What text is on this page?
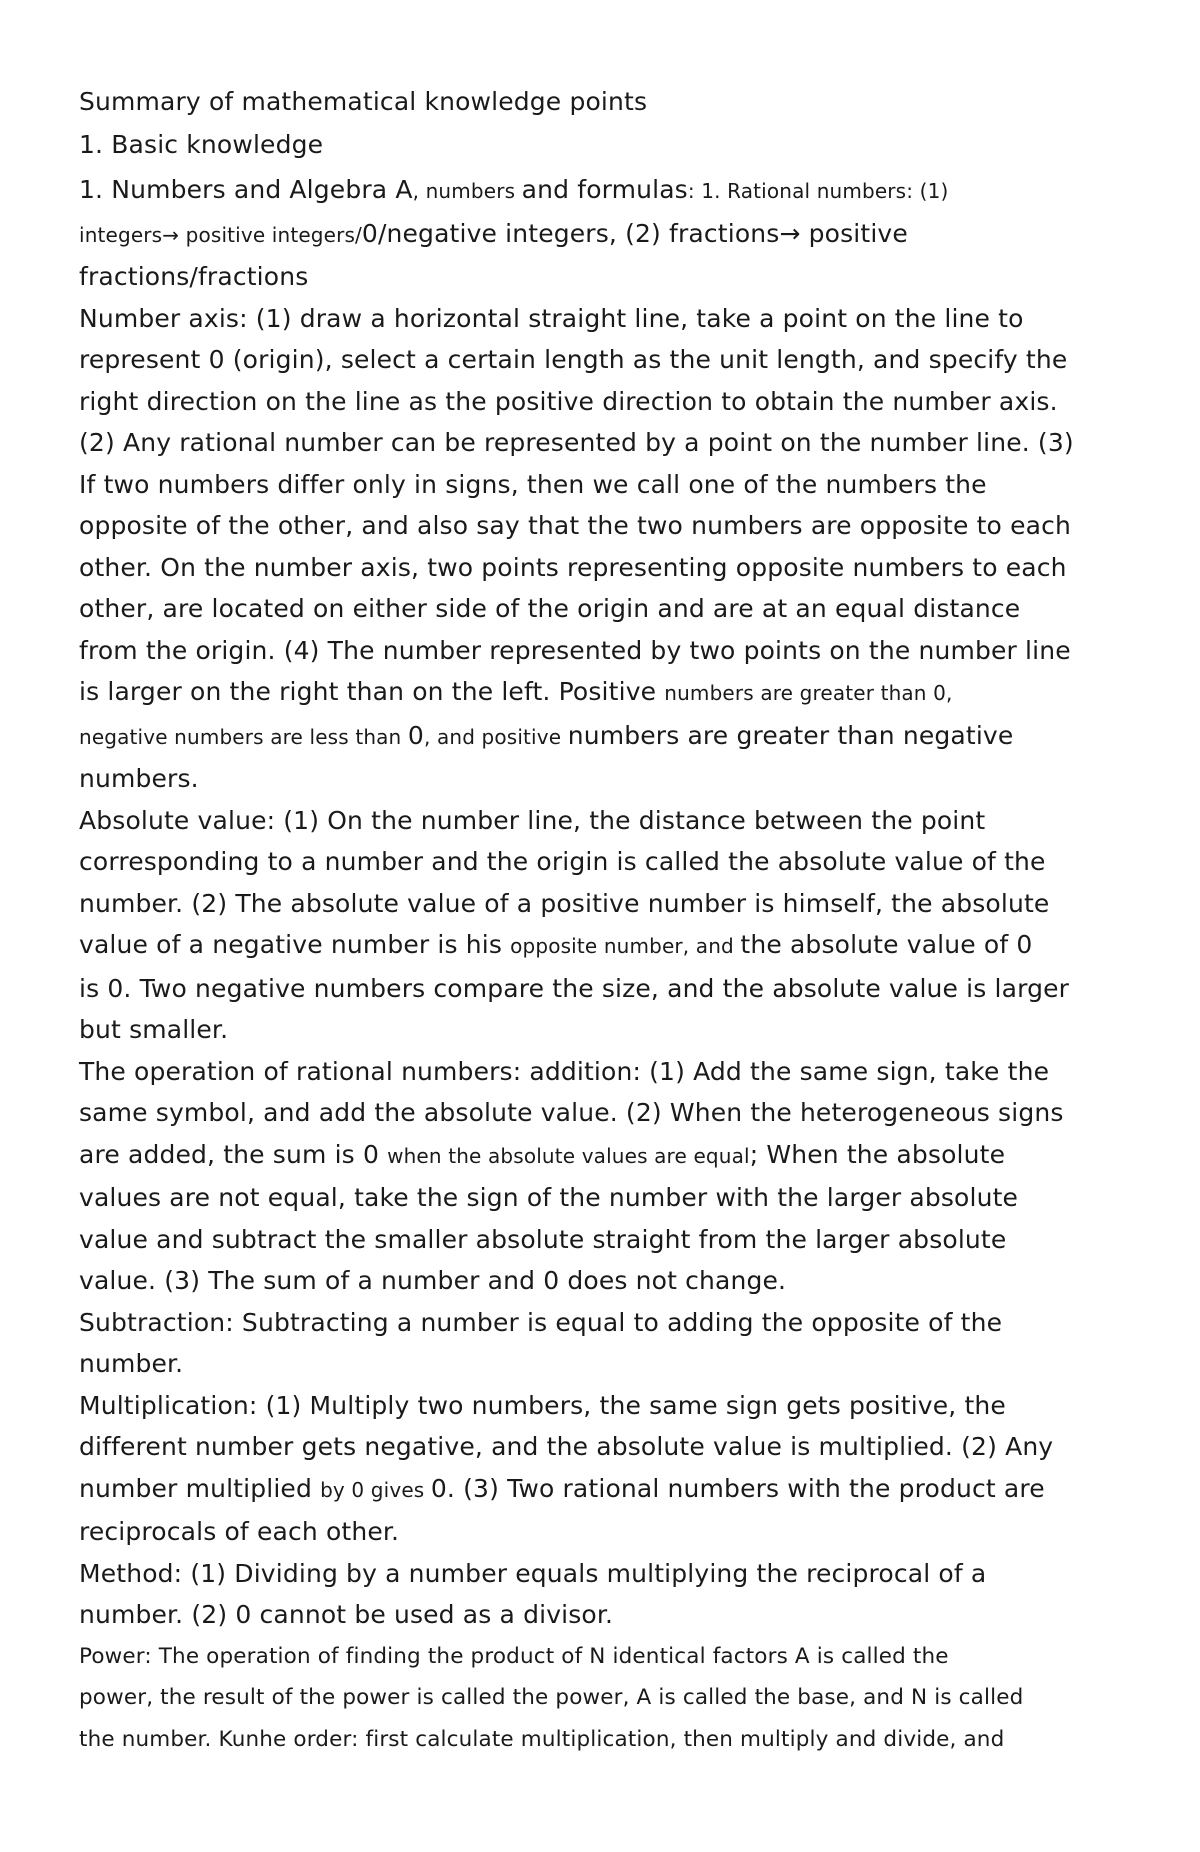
Summary of mathematical knowledge points
1. Basic knowledge
1. Numbers and Algebra A, numbers and formulas: 1. Rational numbers: (1)
integers→ positive integers/0/negative integers, (2) fractions→ positive
fractions/fractions
Number axis: (1) draw a horizontal straight line, take a point on the line to
represent 0 (origin), select a certain length as the unit length, and specify the
right direction on the line as the positive direction to obtain the number axis.
(2) Any rational number can be represented by a point on the number line. (3)
If two numbers differ only in signs, then we call one of the numbers the
opposite of the other, and also say that the two numbers are opposite to each
other. On the number axis, two points representing opposite numbers to each
other, are located on either side of the origin and are at an equal distance
from the origin. (4) The number represented by two points on the number line
is larger on the right than on the left. Positive numbers are greater than 0,
negative numbers are less than 0, and positive numbers are greater than negative
numbers.
Absolute value: (1) On the number line, the distance between the point
corresponding to a number and the origin is called the absolute value of the
number. (2) The absolute value of a positive number is himself, the absolute
value of a negative number is his opposite number, and the absolute value of 0
is 0. Two negative numbers compare the size, and the absolute value is larger
but smaller.
The operation of rational numbers: addition: (1) Add the same sign, take the
same symbol, and add the absolute value. (2) When the heterogeneous signs
are added, the sum is 0 when the absolute values are equal; When the absolute
values are not equal, take the sign of the number with the larger absolute
value and subtract the smaller absolute straight from the larger absolute
value. (3) The sum of a number and 0 does not change.
Subtraction: Subtracting a number is equal to adding the opposite of the
number.
Multiplication: (1) Multiply two numbers, the same sign gets positive, the
different number gets negative, and the absolute value is multiplied. (2) Any
number multiplied by 0 gives 0. (3) Two rational numbers with the product are
reciprocals of each other.
Method: (1) Dividing by a number equals multiplying the reciprocal of a
number. (2) 0 cannot be used as a divisor.
Power: The operation of finding the product of N identical factors A is called the
power, the result of the power is called the power, A is called the base, and N is called
the number. Kunhe order: first calculate multiplication, then multiply and divide, and
